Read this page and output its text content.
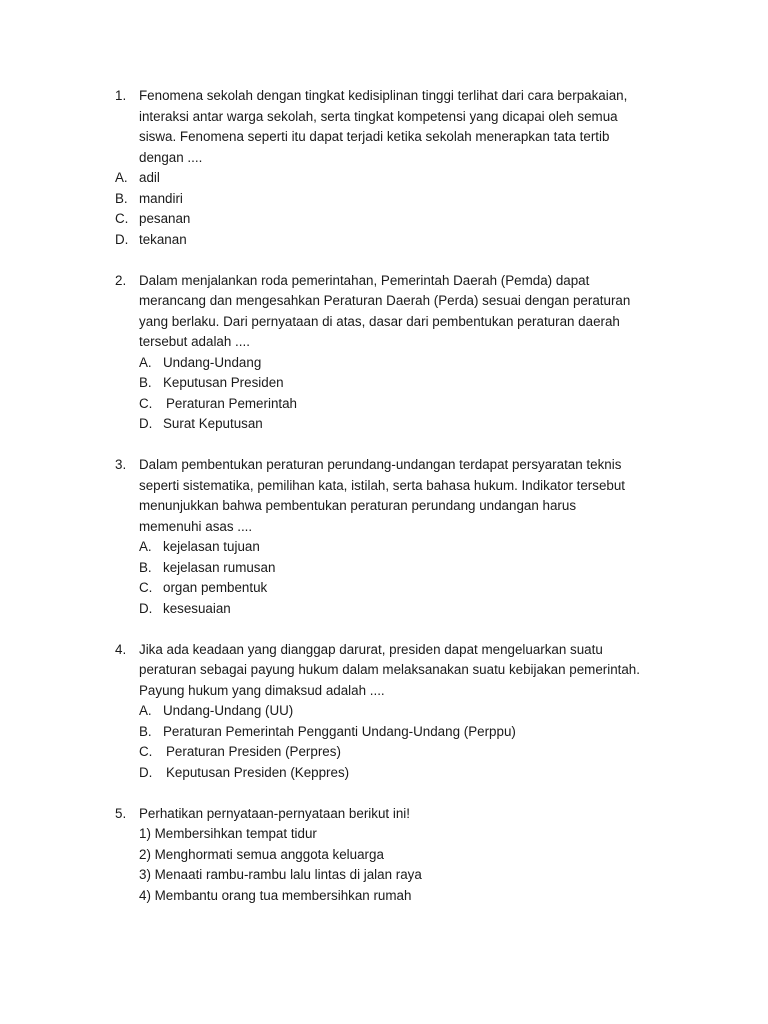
1. Fenomena sekolah dengan tingkat kedisiplinan tinggi terlihat dari cara berpakaian,
interaksi antar warga sekolah, serta tingkat kompetensi yang dicapai oleh semua
siswa. Fenomena seperti itu dapat terjadi ketika sekolah menerapkan tata tertib
dengan ....
A. adil
B. mandiri
C. pesanan
D. tekanan
2. Dalam menjalankan roda pemerintahan, Pemerintah Daerah (Pemda) dapat
merancang dan mengesahkan Peraturan Daerah (Perda) sesuai dengan peraturan
yang berlaku. Dari pernyataan di atas, dasar dari pembentukan peraturan daerah
tersebut adalah ....
A. Undang-Undang
B. Keputusan Presiden
C. Peraturan Pemerintah
D. Surat Keputusan
3. Dalam pembentukan peraturan perundang-undangan terdapat persyaratan teknis
seperti sistematika, pemilihan kata, istilah, serta bahasa hukum. Indikator tersebut
menunjukkan bahwa pembentukan peraturan perundang undangan harus
memenuhi asas ....
A. kejelasan tujuan
B. kejelasan rumusan
C. organ pembentuk
D. kesesuaian
4. Jika ada keadaan yang dianggap darurat, presiden dapat mengeluarkan suatu
peraturan sebagai payung hukum dalam melaksanakan suatu kebijakan pemerintah.
Payung hukum yang dimaksud adalah ....
A. Undang-Undang (UU)
B. Peraturan Pemerintah Pengganti Undang-Undang (Perppu)
C. Peraturan Presiden (Perpres)
D. Keputusan Presiden (Keppres)
5. Perhatikan pernyataan-pernyataan berikut ini!
1) Membersihkan tempat tidur
2) Menghormati semua anggota keluarga
3) Menaati rambu-rambu lalu lintas di jalan raya
4) Membantu orang tua membersihkan rumah
